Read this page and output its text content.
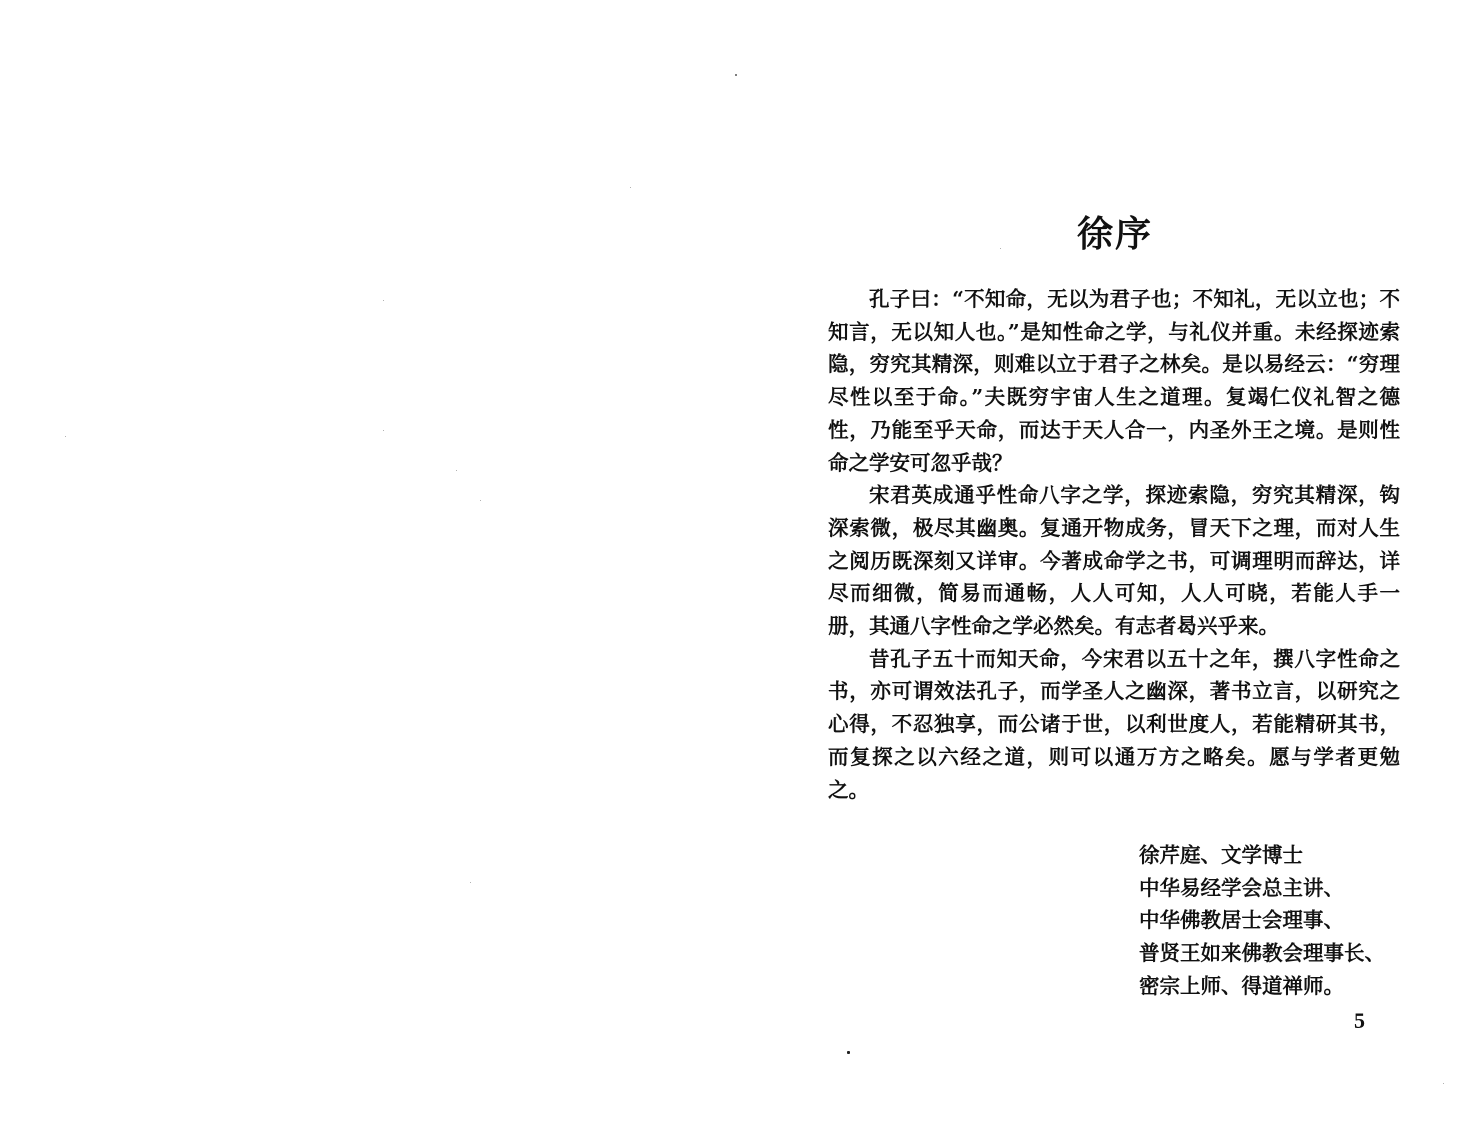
徐序

孔子曰：“不知命，无以为君子也；不知礼，无以立也；不知言，无以知人也。”是知性命之学，与礼仪并重。未经探迹索隐，穷究其精深，则难以立于君子之林矣。是以易经云：“穷理尽性以至于命。”夫既穷宇宙人生之道理。复竭仁仪礼智之德性，乃能至乎天命，而达于天人合一，内圣外王之境。是则性命之学安可忽乎哉？

宋君英成通乎性命八字之学，探迹索隐，穷究其精深，钩深索微，极尽其幽奥。复通开物成务，冒天下之理，而对人生之阅历既深刻又详审。今著成命学之书，可调理明而辞达，详尽而细微，简易而通畅，人人可知，人人可晓，若能人手一册，其通八字性命之学必然矣。有志者曷兴乎来。

昔孔子五十而知天命，今宋君以五十之年，撰八字性命之书，亦可谓效法孔子，而学圣人之幽深，著书立言，以研究之心得，不忍独享，而公诸于世，以利世度人，若能精研其书，而复探之以六经之道，则可以通万方之略矣。愿与学者更勉之。

徐芹庭、文学博士
中华易经学会总主讲、
中华佛教居士会理事、
普贤王如来佛教会理事长、
密宗上师、得道禅师。
5
